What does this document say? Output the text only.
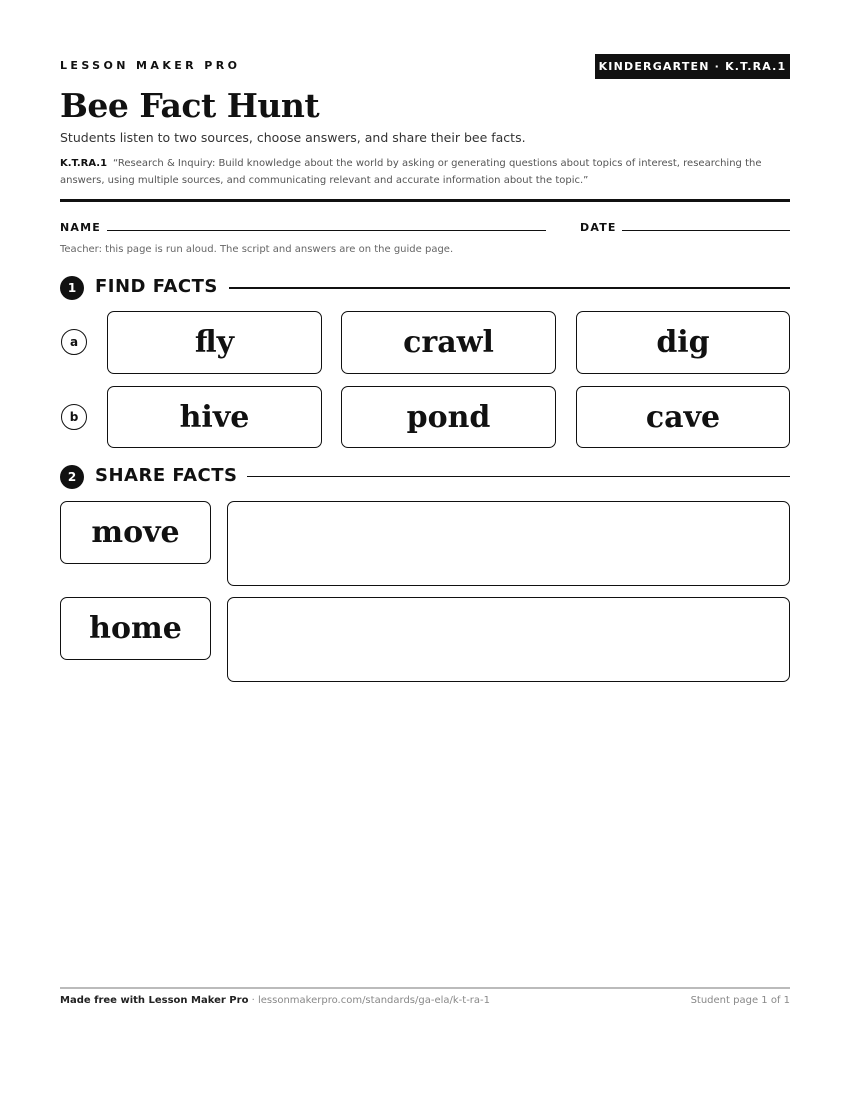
LESSON MAKER PRO	KINDERGARTEN · K.T.RA.1
Bee Fact Hunt
Students listen to two sources, choose answers, and share their bee facts.
K.T.RA.1 “Research & Inquiry: Build knowledge about the world by asking or generating questions about topics of interest, researching the answers, using multiple sources, and communicating relevant and accurate information about the topic.”
NAME	DATE
Teacher: this page is run aloud. The script and answers are on the guide page.
1	FIND FACTS
a	fly	crawl	dig
b	hive	pond	cave
2	SHARE FACTS
move
home
Made free with Lesson Maker Pro · lessonmakerpro.com/standards/ga-ela/k-t-ra-1	Student page 1 of 1
